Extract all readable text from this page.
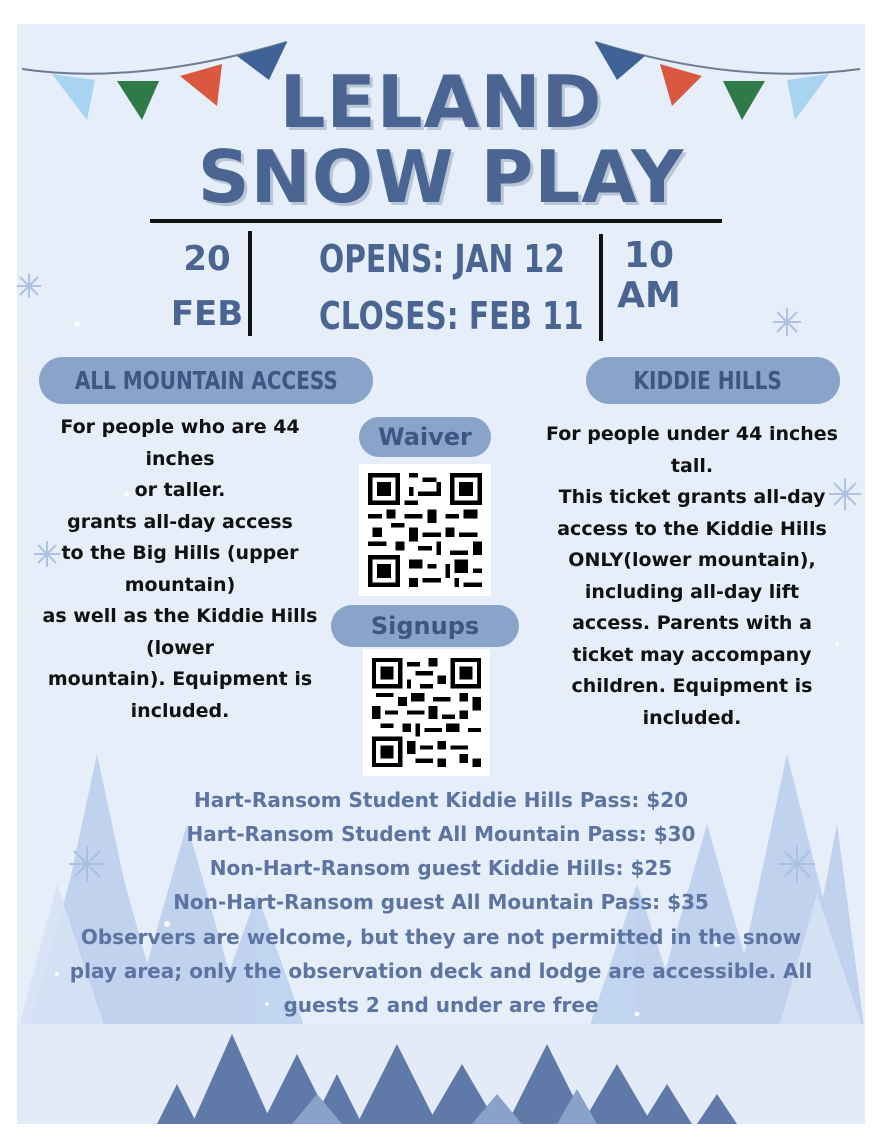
LELAND
SNOW PLAY
20
FEB
OPENS: JAN 12
CLOSES: FEB 11
10
AM
ALL MOUNTAIN ACCESS	KIDDIE HILLS
For people who are 44
inches
or taller.
grants all-day access
to the Big Hills (upper
mountain)
as well as the Kiddie Hills
(lower
mountain). Equipment is
included.
For people under 44 inches
tall.
This ticket grants all-day
access to the Kiddie Hills
ONLY(lower mountain),
including all-day lift
access. Parents with a
ticket may accompany
children. Equipment is
included.
Waiver
Signups
Hart-Ransom Student Kiddie Hills Pass: $20
Hart-Ransom Student All Mountain Pass: $30
Non-Hart-Ransom guest Kiddie Hills: $25
Non-Hart-Ransom guest All Mountain Pass: $35
Observers are welcome, but they are not permitted in the snow
play area; only the observation deck and lodge are accessible. All
guests 2 and under are free
